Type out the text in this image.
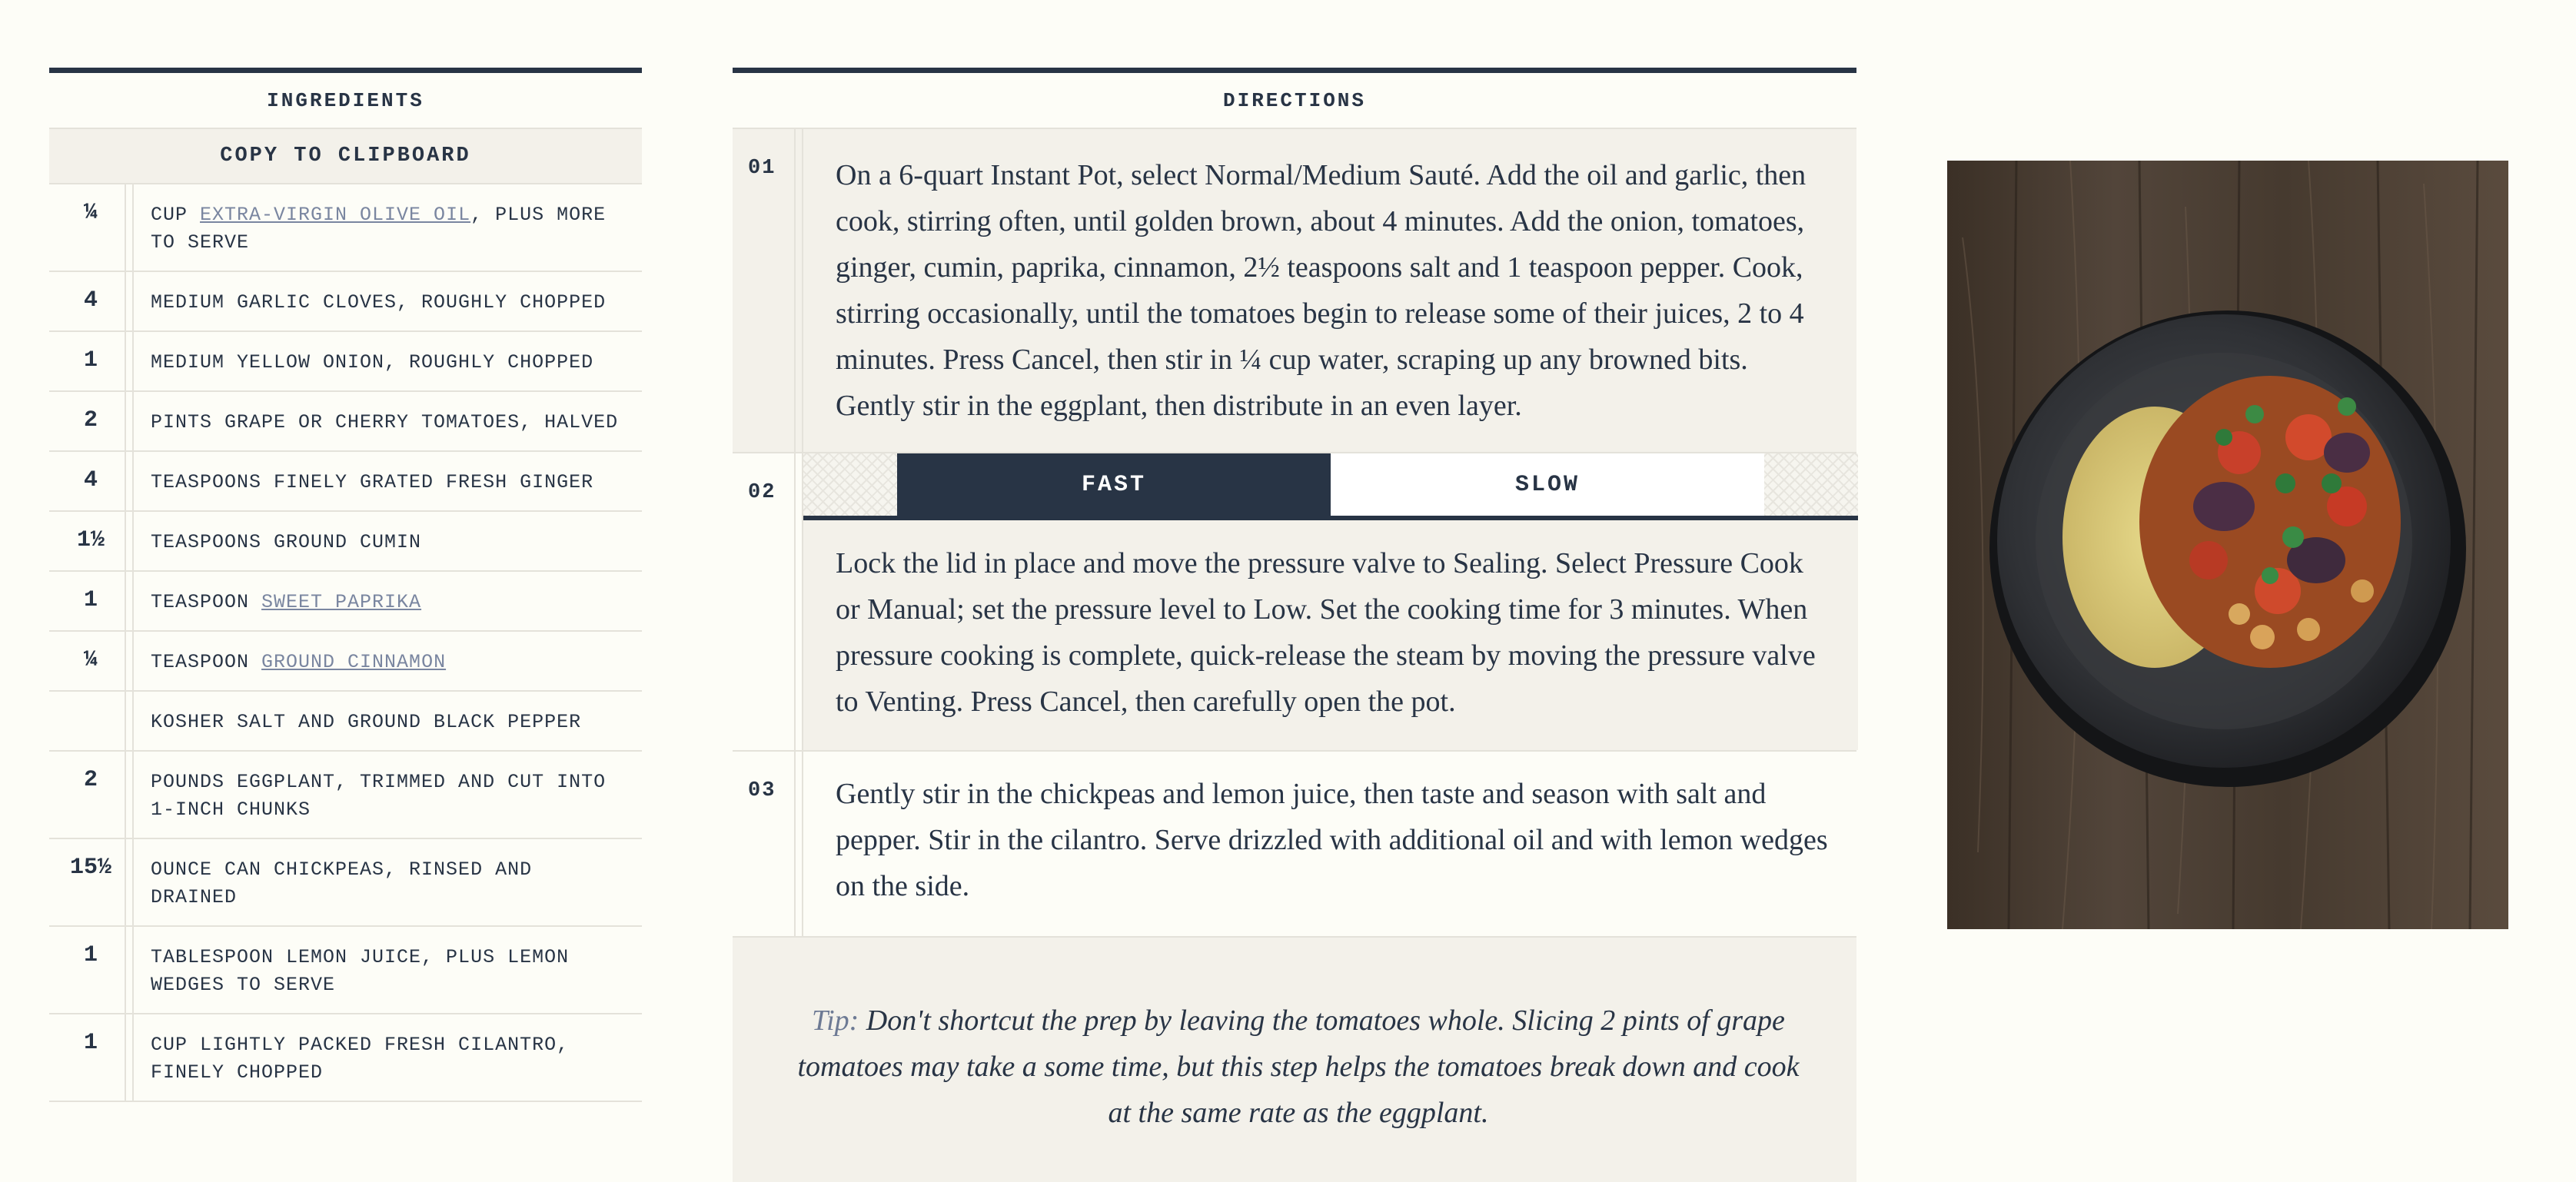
INGREDIENTS
COPY TO CLIPBOARD
¼	CUP EXTRA-VIRGIN OLIVE OIL, PLUS MORE TO SERVE
4	MEDIUM GARLIC CLOVES, ROUGHLY CHOPPED
1	MEDIUM YELLOW ONION, ROUGHLY CHOPPED
2	PINTS GRAPE OR CHERRY TOMATOES, HALVED
4	TEASPOONS FINELY GRATED FRESH GINGER
1½	TEASPOONS GROUND CUMIN
1	TEASPOON SWEET PAPRIKA
¼	TEASPOON GROUND CINNAMON
KOSHER SALT AND GROUND BLACK PEPPER
2	POUNDS EGGPLANT, TRIMMED AND CUT INTO 1-INCH CHUNKS
15½	OUNCE CAN CHICKPEAS, RINSED AND DRAINED
1	TABLESPOON LEMON JUICE, PLUS LEMON WEDGES TO SERVE
1	CUP LIGHTLY PACKED FRESH CILANTRO, FINELY CHOPPED
DIRECTIONS
01	On a 6-quart Instant Pot, select Normal/Medium Sauté. Add the oil and garlic, then cook, stirring often, until golden brown, about 4 minutes. Add the onion, tomatoes, ginger, cumin, paprika, cinnamon, 2½ teaspoons salt and 1 teaspoon pepper. Cook, stirring occasionally, until the tomatoes begin to release some of their juices, 2 to 4 minutes. Press Cancel, then stir in ¼ cup water, scraping up any browned bits. Gently stir in the eggplant, then distribute in an even layer.
02	FAST	SLOW
Lock the lid in place and move the pressure valve to Sealing. Select Pressure Cook or Manual; set the pressure level to Low. Set the cooking time for 3 minutes. When pressure cooking is complete, quick-release the steam by moving the pressure valve to Venting. Press Cancel, then carefully open the pot.
03	Gently stir in the chickpeas and lemon juice, then taste and season with salt and pepper. Stir in the cilantro. Serve drizzled with additional oil and with lemon wedges on the side.
Tip: Don't shortcut the prep by leaving the tomatoes whole. Slicing 2 pints of grape tomatoes may take a some time, but this step helps the tomatoes break down and cook at the same rate as the eggplant.
